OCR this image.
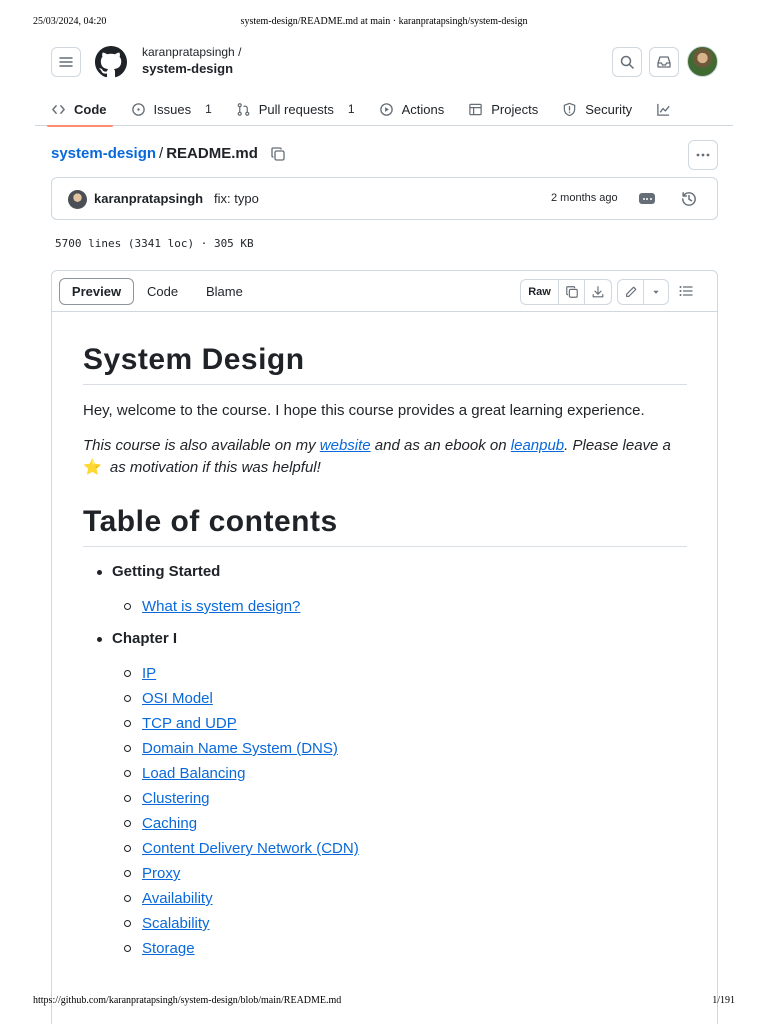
25/03/2024, 04:20	system-design/README.md at main · karanpratapsingh/system-design
karanpratapsingh /
system-design
Code	Issues 1	Pull requests 1	Actions	Projects	Security
system-design / README.md
karanpratapsingh fix: typo	2 months ago
5700 lines (3341 loc) · 305 KB
Preview	Code Blame	Raw
System Design

Hey, welcome to the course. I hope this course provides a great learning experience.

This course is also available on my website and as an ebook on leanpub. Please leave a
⭐ as motivation if this was helpful!

Table of contents
Getting Started
What is system design?
Chapter I
IP
OSI Model
TCP and UDP
Domain Name System (DNS)
Load Balancing
Clustering
Caching
Content Delivery Network (CDN)
Proxy
Availability
Scalability
Storage
https://github.com/karanpratapsingh/system-design/blob/main/README.md	1/191
